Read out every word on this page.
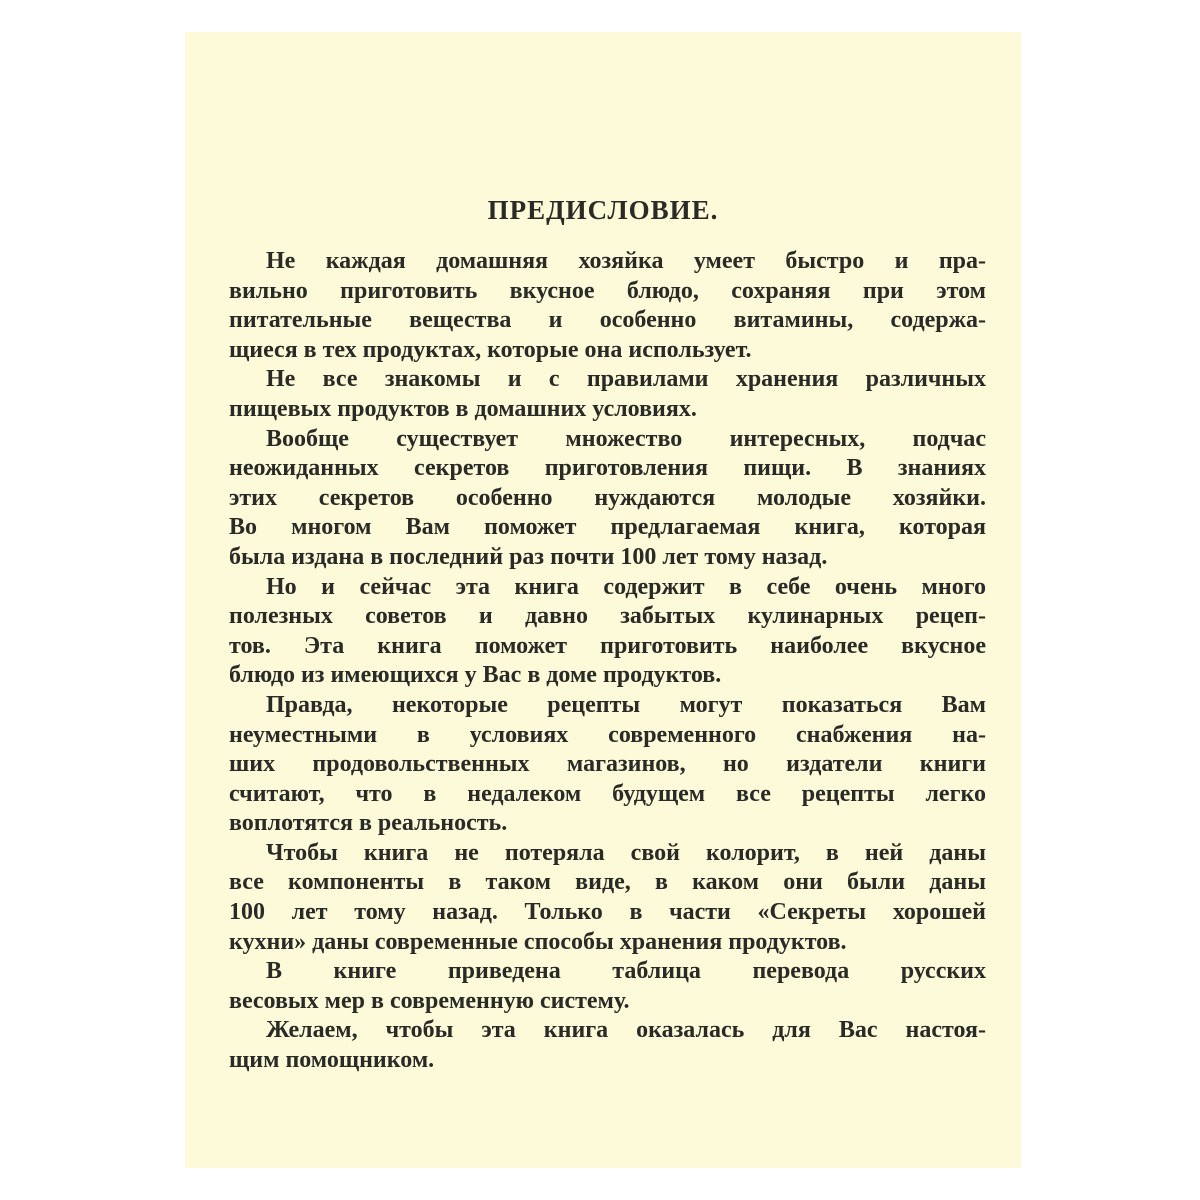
ПРЕДИСЛОВИЕ.
Не каждая домашняя хозяйка умеет быстро и пра-
вильно приготовить вкусное блюдо, сохраняя при этом
питательные вещества и особенно витамины, содержа-
щиеся в тех продуктах, которые она использует.
Не все знакомы и с правилами хранения различных
пищевых продуктов в домашних условиях.
Вообще существует множество интересных, подчас
неожиданных секретов приготовления пищи. В знаниях
этих секретов особенно нуждаются молодые хозяйки.
Во многом Вам поможет предлагаемая книга, которая
была издана в последний раз почти 100 лет тому назад.
Но и сейчас эта книга содержит в себе очень много
полезных советов и давно забытых кулинарных рецеп-
тов. Эта книга поможет приготовить наиболее вкусное
блюдо из имеющихся у Вас в доме продуктов.
Правда, некоторые рецепты могут показаться Вам
неуместными в условиях современного снабжения на-
ших продовольственных магазинов, но издатели книги
считают, что в недалеком будущем все рецепты легко
воплотятся в реальность.
Чтобы книга не потеряла свой колорит, в ней даны
все компоненты в таком виде, в каком они были даны
100 лет тому назад. Только в части «Секреты хорошей
кухни» даны современные способы хранения продуктов.
В книге приведена таблица перевода русских
весовых мер в современную систему.
Желаем, чтобы эта книга оказалась для Вас настоя-
щим помощником.
